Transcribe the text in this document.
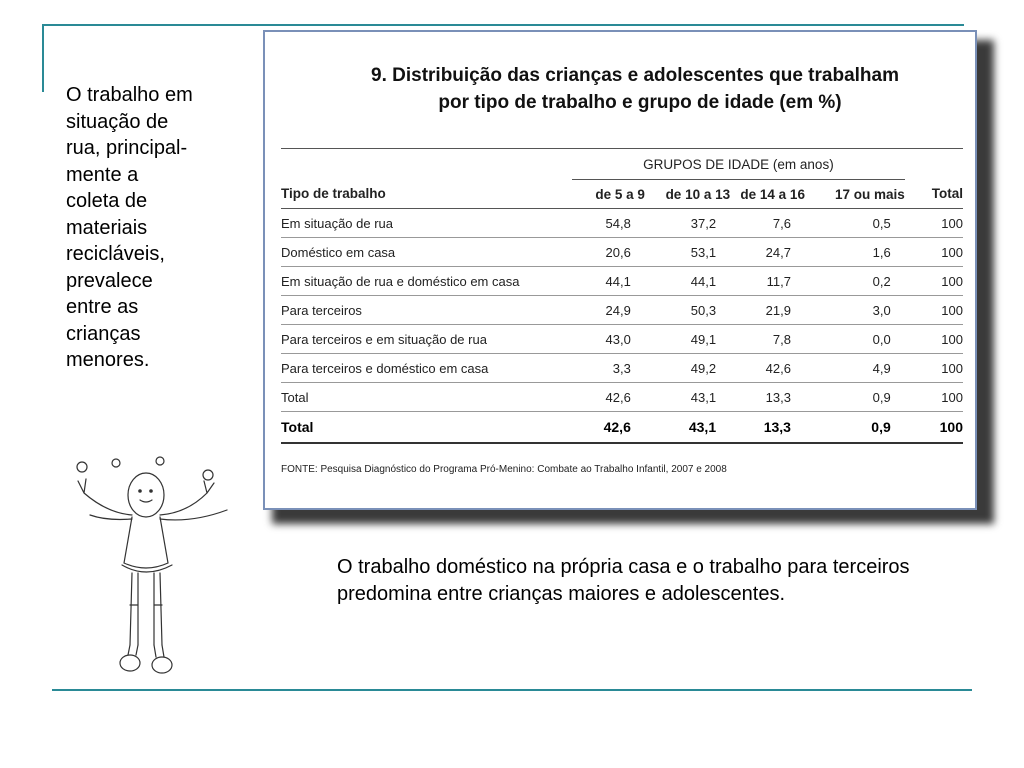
O trabalho em
situação de
rua, principal-
mente a
coleta de
materiais
recicláveis,
prevalece
entre as
crianças
menores.
9. Distribuição das crianças e adolescentes que trabalham
por tipo de trabalho e grupo de idade (em %)
	GRUPOS DE IDADE (em anos)				
Tipo de trabalho	de 5 a 9	de 10 a 13	de 14 a 16	17 ou mais	Total
Em situação de rua	54,8	37,2	7,6	0,5	100
Doméstico em casa	20,6	53,1	24,7	1,6	100
Em situação de rua e doméstico em casa	44,1	44,1	11,7	0,2	100
Para terceiros	24,9	50,3	21,9	3,0	100
Para terceiros e em situação de rua	43,0	49,1	7,8	0,0	100
Para terceiros e doméstico em casa	3,3	49,2	42,6	4,9	100
Total	42,6	43,1	13,3	0,9	100
Total	42,6	43,1	13,3	0,9	100
FONTE: Pesquisa Diagnóstico do Programa Pró-Menino: Combate ao Trabalho Infantil, 2007 e 2008
O trabalho doméstico na própria casa e o trabalho para terceiros predomina entre crianças maiores e adolescentes.
